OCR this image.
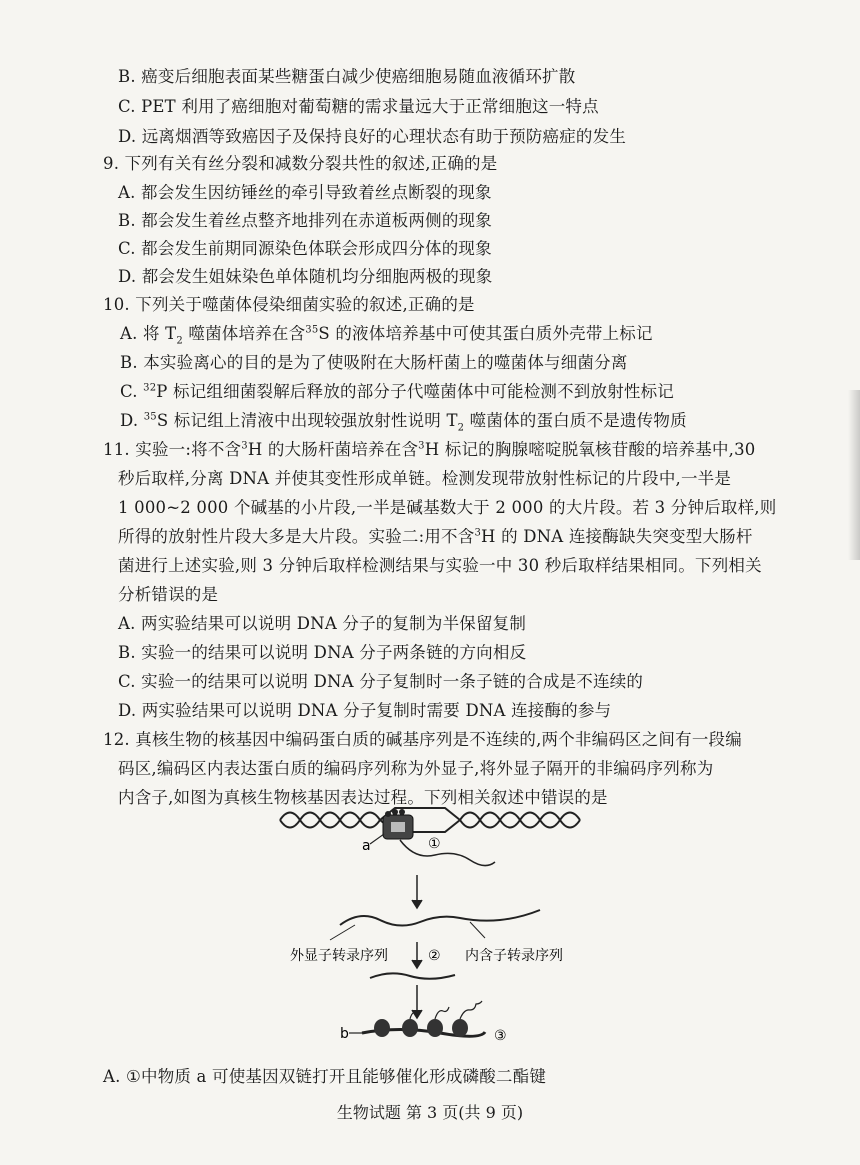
B. 癌变后细胞表面某些糖蛋白减少使癌细胞易随血液循环扩散
C. PET 利用了癌细胞对葡萄糖的需求量远大于正常细胞这一特点
D. 远离烟酒等致癌因子及保持良好的心理状态有助于预防癌症的发生
9. 下列有关有丝分裂和减数分裂共性的叙述,正确的是
A. 都会发生因纺锤丝的牵引导致着丝点断裂的现象
B. 都会发生着丝点整齐地排列在赤道板两侧的现象
C. 都会发生前期同源染色体联会形成四分体的现象
D. 都会发生姐妹染色单体随机均分细胞两极的现象
10. 下列关于噬菌体侵染细菌实验的叙述,正确的是
A. 将 $T_2$ 噬菌体培养在含$^{35}$S 的液体培养基中可使其蛋白质外壳带上标记
B. 本实验离心的目的是为了使吸附在大肠杆菌上的噬菌体与细菌分离
C. $^{32}$P 标记组细菌裂解后释放的部分子代噬菌体中可能检测不到放射性标记
D. $^{35}$S 标记组上清液中出现较强放射性说明 $T_2$ 噬菌体的蛋白质不是遗传物质
11. 实验一:将不含$^3$H 的大肠杆菌培养在含$^3$H 标记的胸腺嘧啶脱氧核苷酸的培养基中,30
秒后取样,分离 DNA 并使其变性形成单链。检测发现带放射性标记的片段中,一半是
1 000~2 000 个碱基的小片段,一半是碱基数大于 2 000 的大片段。若 3 分钟后取样,则
所得的放射性片段大多是大片段。实验二:用不含$^3$H 的 DNA 连接酶缺失突变型大肠杆
菌进行上述实验,则 3 分钟后取样检测结果与实验一中 30 秒后取样结果相同。下列相关
分析错误的是
A. 两实验结果可以说明 DNA 分子的复制为半保留复制
B. 实验一的结果可以说明 DNA 分子两条链的方向相反
C. 实验一的结果可以说明 DNA 分子复制时一条子链的合成是不连续的
D. 两实验结果可以说明 DNA 分子复制时需要 DNA 连接酶的参与
12. 真核生物的核基因中编码蛋白质的碱基序列是不连续的,两个非编码区之间有一段编
码区,编码区内表达蛋白质的编码序列称为外显子,将外显子隔开的非编码序列称为
内含子,如图为真核生物核基因表达过程。下列相关叙述中错误的是
a	①
外显子转录序列	内含子转录序列
②
b	③
A. ①中物质 a 可使基因双链打开且能够催化形成磷酸二酯键
生物试题 第 3 页(共 9 页)
